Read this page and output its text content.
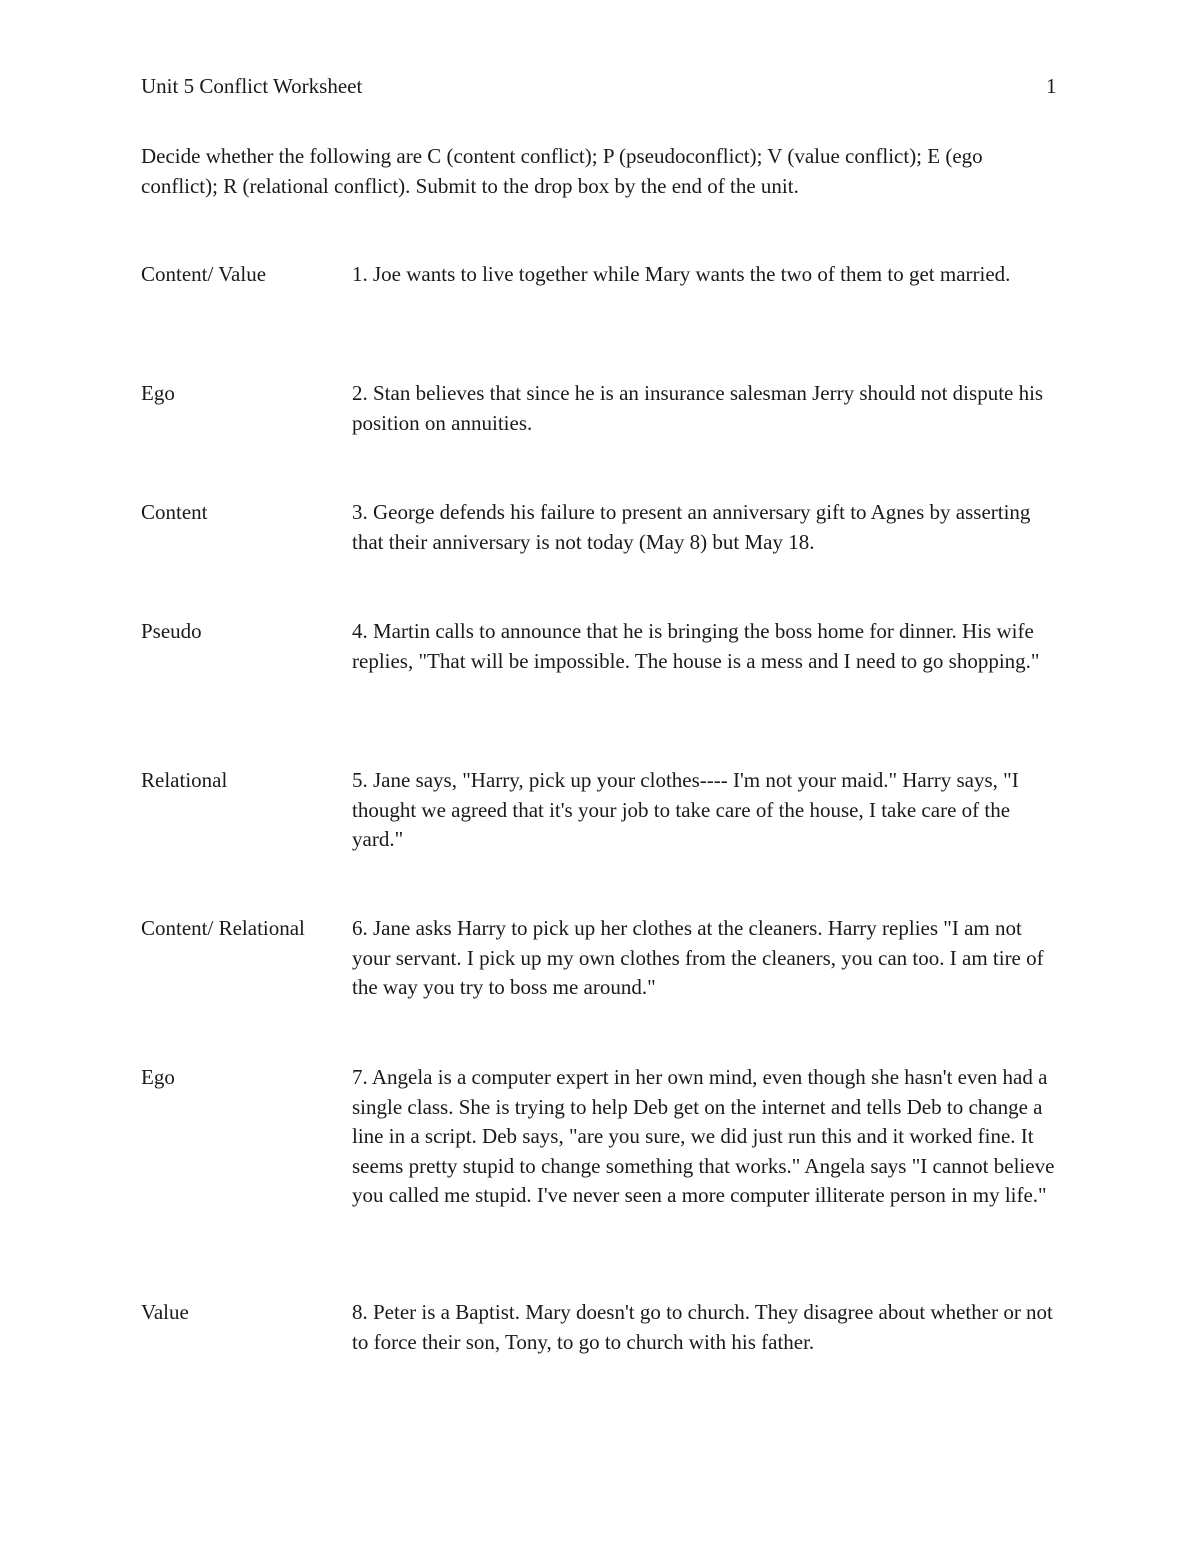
Unit 5 Conflict Worksheet	1
Decide whether the following are C (content conflict); P (pseudoconflict); V (value conflict); E (ego conflict); R (relational conflict). Submit to the drop box by the end of the unit.
Content/ Value	1. Joe wants to live together while Mary wants the two of them to get married.
Ego	2. Stan believes that since he is an insurance salesman Jerry should not dispute his position on annuities.
Content	3. George defends his failure to present an anniversary gift to Agnes by asserting that their anniversary is not today (May 8) but May 18.
Pseudo	4. Martin calls to announce that he is bringing the boss home for dinner. His wife replies, "That will be impossible. The house is a mess and I need to go shopping."
Relational	5. Jane says, "Harry, pick up your clothes---- I'm not your maid." Harry says, "I thought we agreed that it's your job to take care of the house, I take care of the yard."
Content/ Relational	6. Jane asks Harry to pick up her clothes at the cleaners. Harry replies "I am not your servant. I pick up my own clothes from the cleaners, you can too. I am tire of the way you try to boss me around."
Ego	7. Angela is a computer expert in her own mind, even though she hasn't even had a single class. She is trying to help Deb get on the internet and tells Deb to change a line in a script. Deb says, "are you sure, we did just run this and it worked fine. It seems pretty stupid to change something that works." Angela says "I cannot believe you called me stupid. I've never seen a more computer illiterate person in my life."
Value	8. Peter is a Baptist. Mary doesn't go to church. They disagree about whether or not to force their son, Tony, to go to church with his father.
